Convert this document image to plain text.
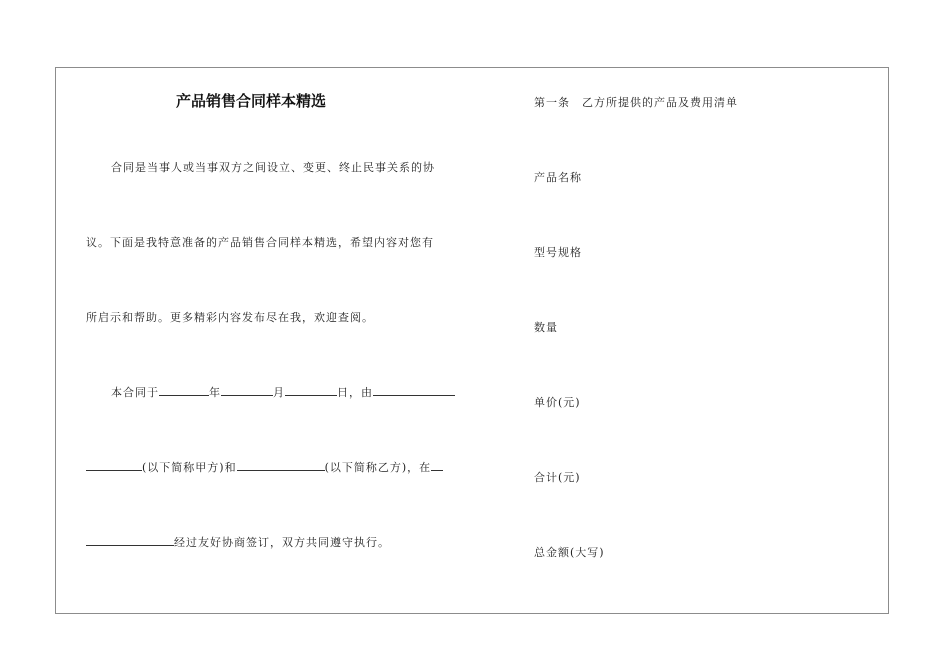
产品销售合同样本精选
合同是当事人或当事双方之间设立、变更、终止民事关系的协
议。下面是我特意准备的产品销售合同样本精选，希望内容对您有
所启示和帮助。更多精彩内容发布尽在我，欢迎查阅。
本合同于	年	月	日，由
(以下简称甲方)和	(以下简称乙方)，在
经过友好协商签订，双方共同遵守执行。
第一条　乙方所提供的产品及费用清单
产品名称
型号规格
数量
单价(元)
合计(元)
总金额(大写)
